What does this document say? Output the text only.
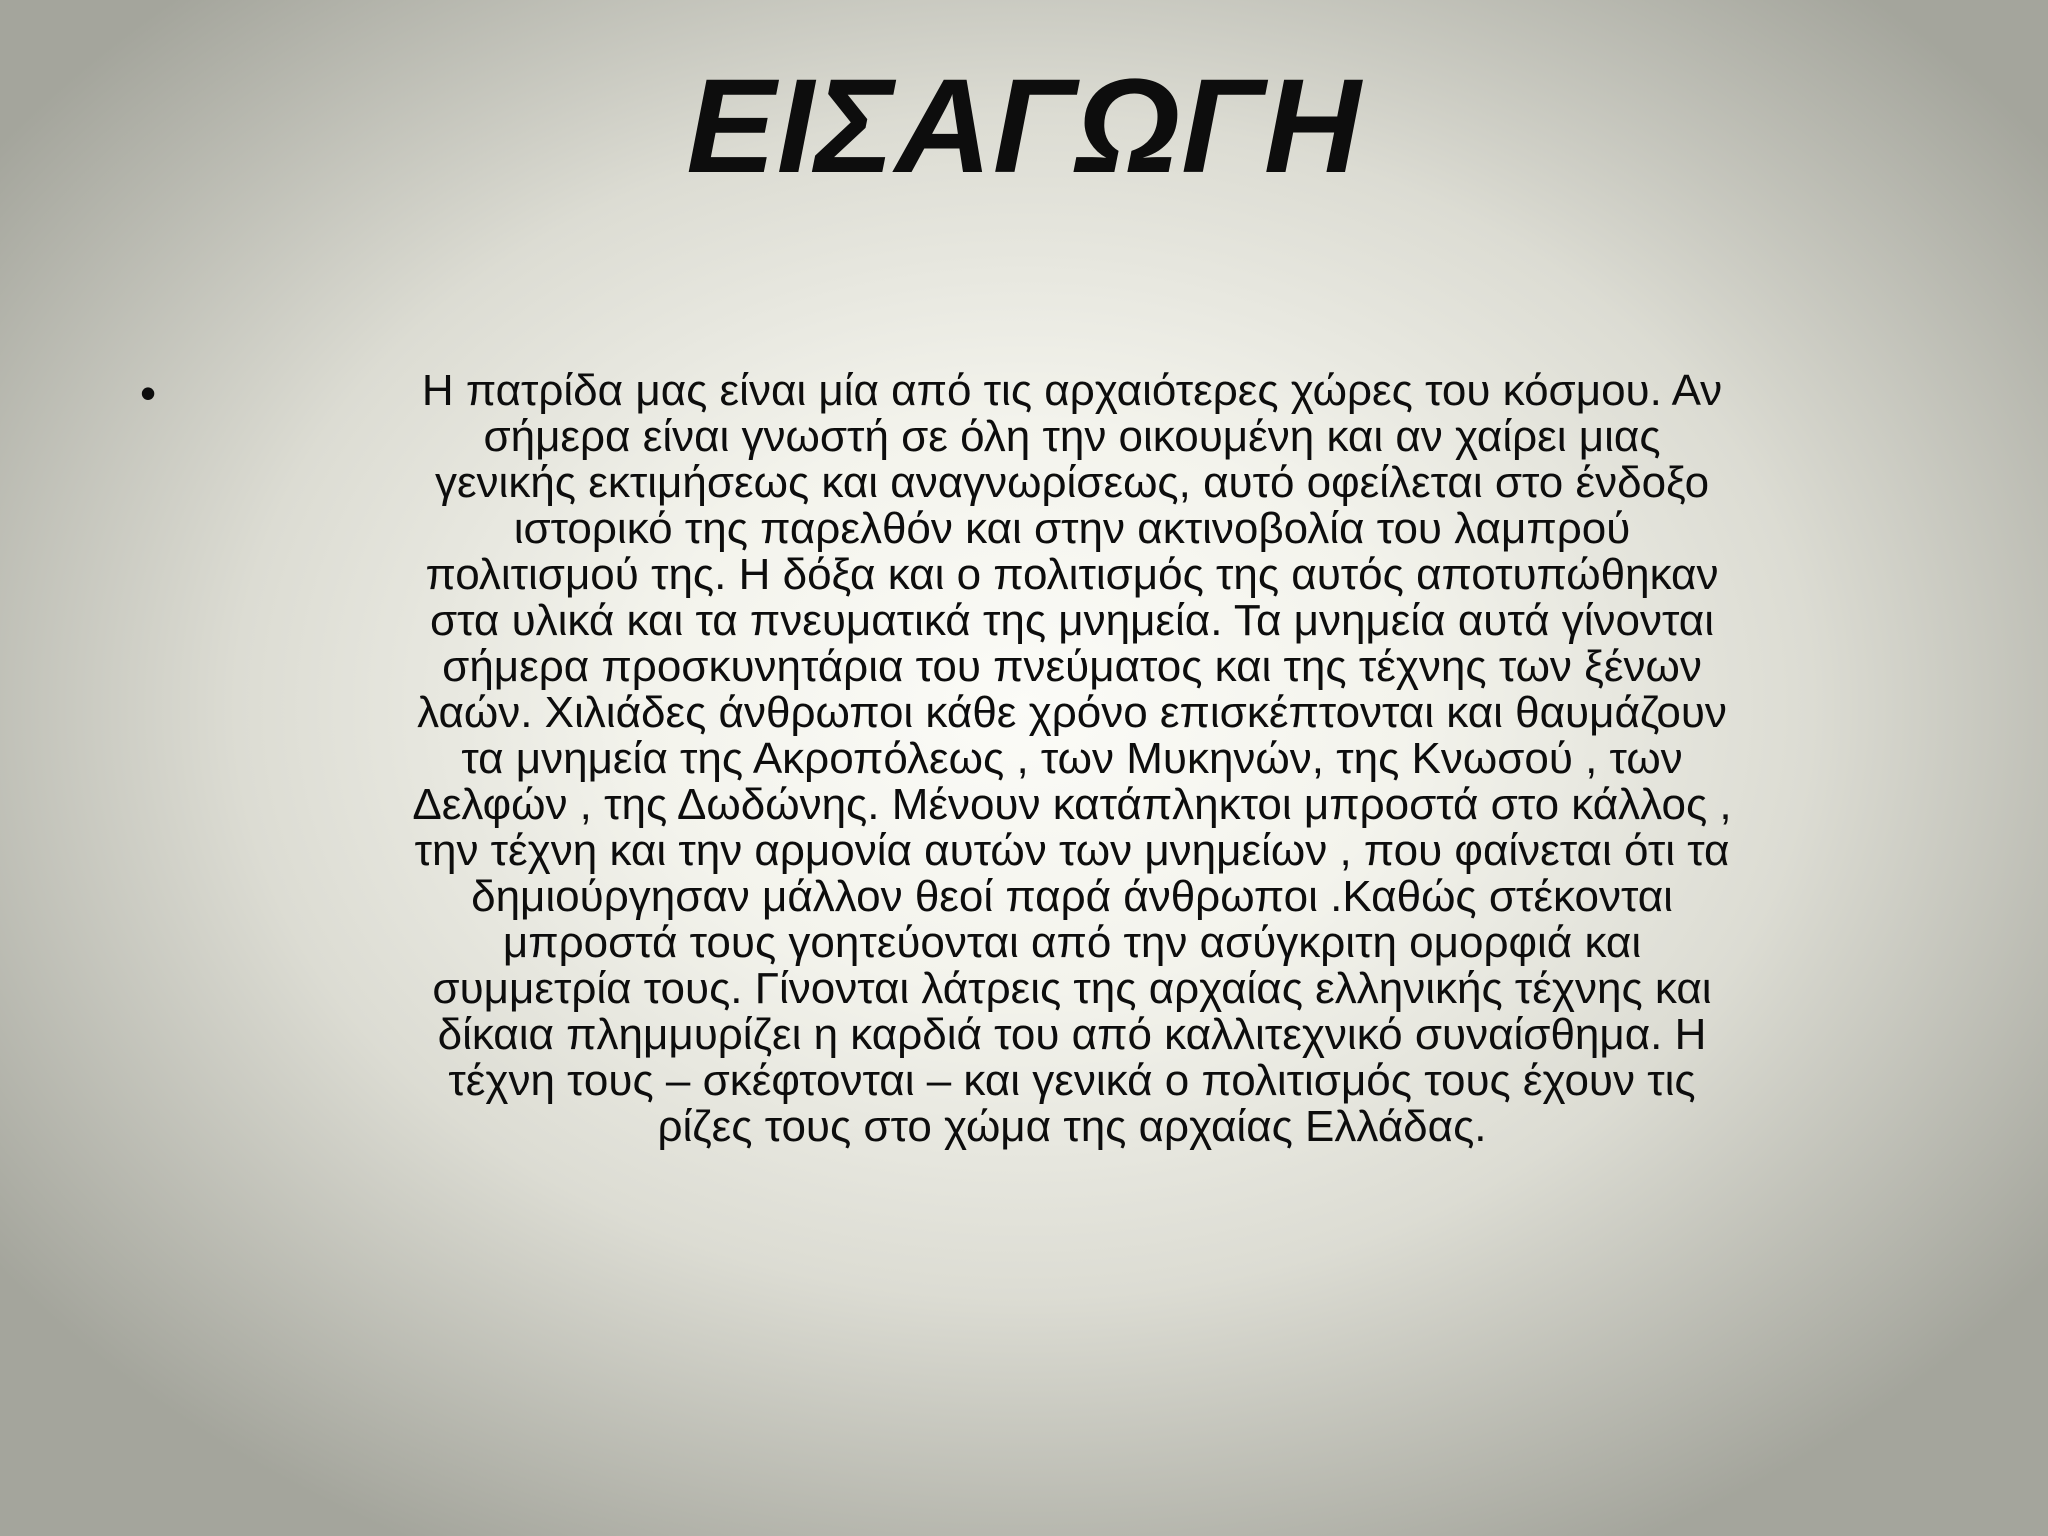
ΕΙΣΑΓΩΓΗ
•	Η πατρίδα μας είναι μία από τις αρχαιότερες χώρες του κόσμου. Αν
σήμερα είναι γνωστή σε όλη την οικουμένη και αν χαίρει μιας
γενικής εκτιμήσεως και αναγνωρίσεως, αυτό οφείλεται στο ένδοξο
ιστορικό της παρελθόν και στην ακτινοβολία του λαμπρού
πολιτισμού της. Η δόξα και ο πολιτισμός της αυτός αποτυπώθηκαν
στα υλικά και τα πνευματικά της μνημεία. Τα μνημεία αυτά γίνονται
σήμερα προσκυνητάρια του πνεύματος και της τέχνης των ξένων
λαών. Χιλιάδες άνθρωποι κάθε χρόνο επισκέπτονται και θαυμάζουν
τα μνημεία της Ακροπόλεως , των Μυκηνών, της Κνωσού , των
Δελφών , της Δωδώνης. Μένουν κατάπληκτοι μπροστά στο κάλλος ,
την τέχνη και την αρμονία αυτών των μνημείων , που φαίνεται ότι τα
δημιούργησαν μάλλον θεοί παρά άνθρωποι .Καθώς στέκονται
μπροστά τους γοητεύονται από την ασύγκριτη ομορφιά και
συμμετρία τους. Γίνονται λάτρεις της αρχαίας ελληνικής τέχνης και
δίκαια πλημμυρίζει η καρδιά του από καλλιτεχνικό συναίσθημα. Η
τέχνη τους – σκέφτονται – και γενικά ο πολιτισμός τους έχουν τις
ρίζες τους στο χώμα της αρχαίας Ελλάδας.
